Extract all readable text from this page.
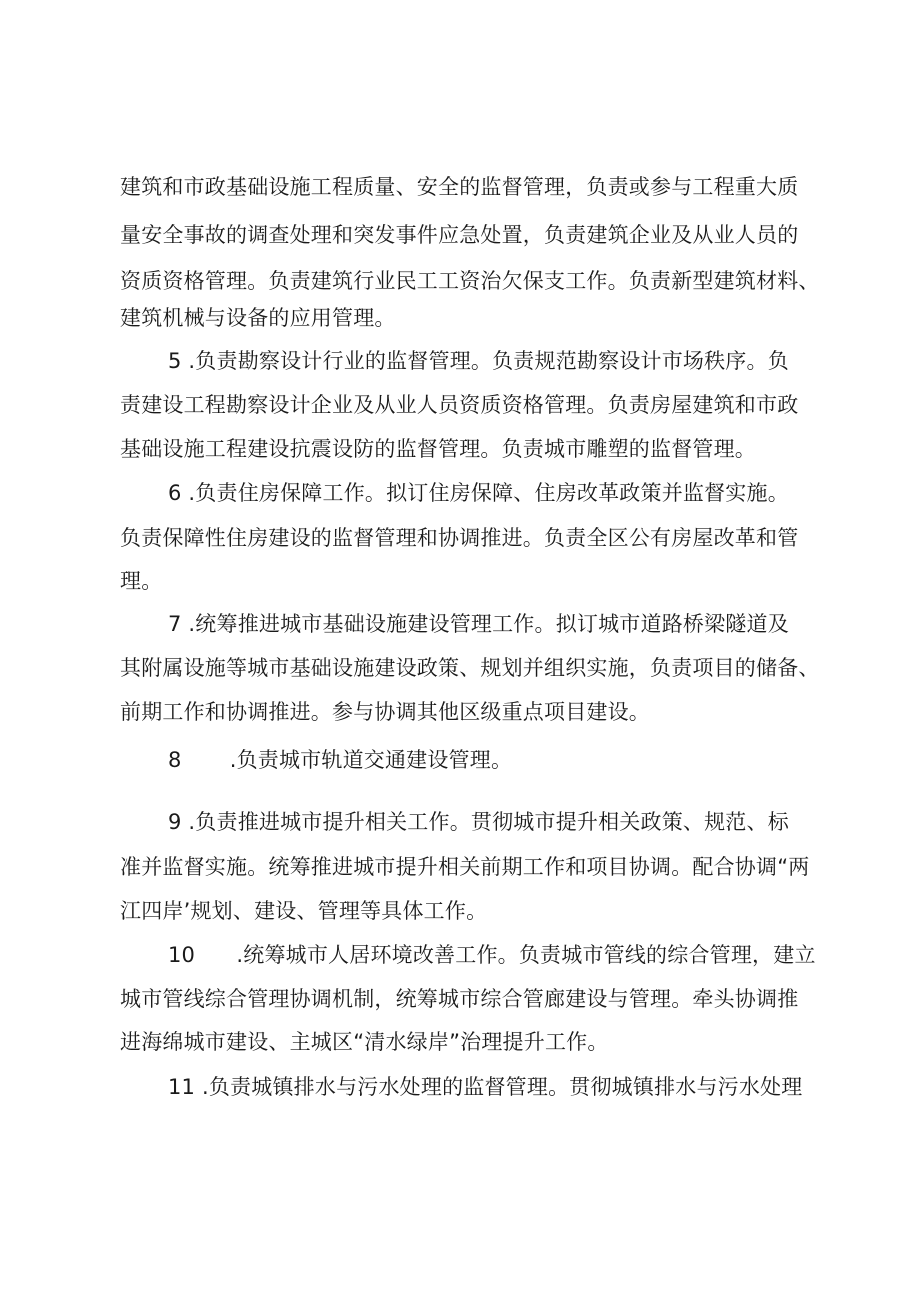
建筑和市政基础设施工程质量、安全的监督管理，负责或参与工程重大质
量安全事故的调查处理和突发事件应急处置，负责建筑企业及从业人员的
资质资格管理。负责建筑行业民工工资治欠保支工作。负责新型建筑材料、
建筑机械与设备的应用管理。
5 .负责勘察设计行业的监督管理。负责规范勘察设计市场秩序。负
责建设工程勘察设计企业及从业人员资质资格管理。负责房屋建筑和市政
基础设施工程建设抗震设防的监督管理。负责城市雕塑的监督管理。
6 .负责住房保障工作。拟订住房保障、住房改革政策并监督实施。
负责保障性住房建设的监督管理和协调推进。负责全区公有房屋改革和管
理。
7 .统筹推进城市基础设施建设管理工作。拟订城市道路桥梁隧道及
其附属设施等城市基础设施建设政策、规划并组织实施，负责项目的储备、
前期工作和协调推进。参与协调其他区级重点项目建设。
8       .负责城市轨道交通建设管理。
9 .负责推进城市提升相关工作。贯彻城市提升相关政策、规范、标
准并监督实施。统筹推进城市提升相关前期工作和项目协调。配合协调“两
江四岸’规划、建设、管理等具体工作。
10      .统筹城市人居环境改善工作。负责城市管线的综合管理，建立
城市管线综合管理协调机制，统筹城市综合管廊建设与管理。牵头协调推
进海绵城市建设、主城区“清水绿岸”治理提升工作。
11 .负责城镇排水与污水处理的监督管理。贯彻城镇排水与污水处理
